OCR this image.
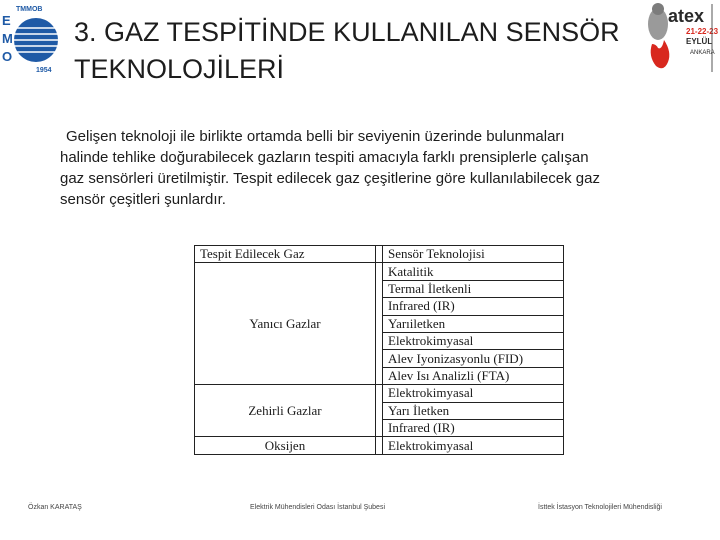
TMMOB
E
M
O
1954
3. GAZ TESPİTİNDE KULLANILAN SENSÖR
TEKNOLOJİLERİ
atex
21-22-23
EYLÜL
ANKARA
Gelişen teknoloji ile birlikte ortamda belli bir seviyenin üzerinde bulunmaları
halinde tehlike doğurabilecek gazların tespiti amacıyla farklı prensiplerle çalışan
gaz sensörleri üretilmiştir. Tespit edilecek gaz çeşitlerine göre kullanılabilecek gaz
sensör çeşitleri şunlardır.
Tespit Edilecek Gaz		Sensör Teknolojisi
Yanıcı Gazlar		Katalitik
		Termal İletkenli
		Infrared (IR)
		Yarıiletken
		Elektrokimyasal
		Alev Iyonizasyonlu (FID)
		Alev Isı Analizli (FTA)
Zehirli Gazlar		Elektrokimyasal
		Yarı İletken
		Infrared (IR)
Oksijen		Elektrokimyasal
Özkan KARATAŞ	Elektrik Mühendisleri Odası İstanbul Şubesi	İsttek İstasyon Teknolojileri Mühendisliği
